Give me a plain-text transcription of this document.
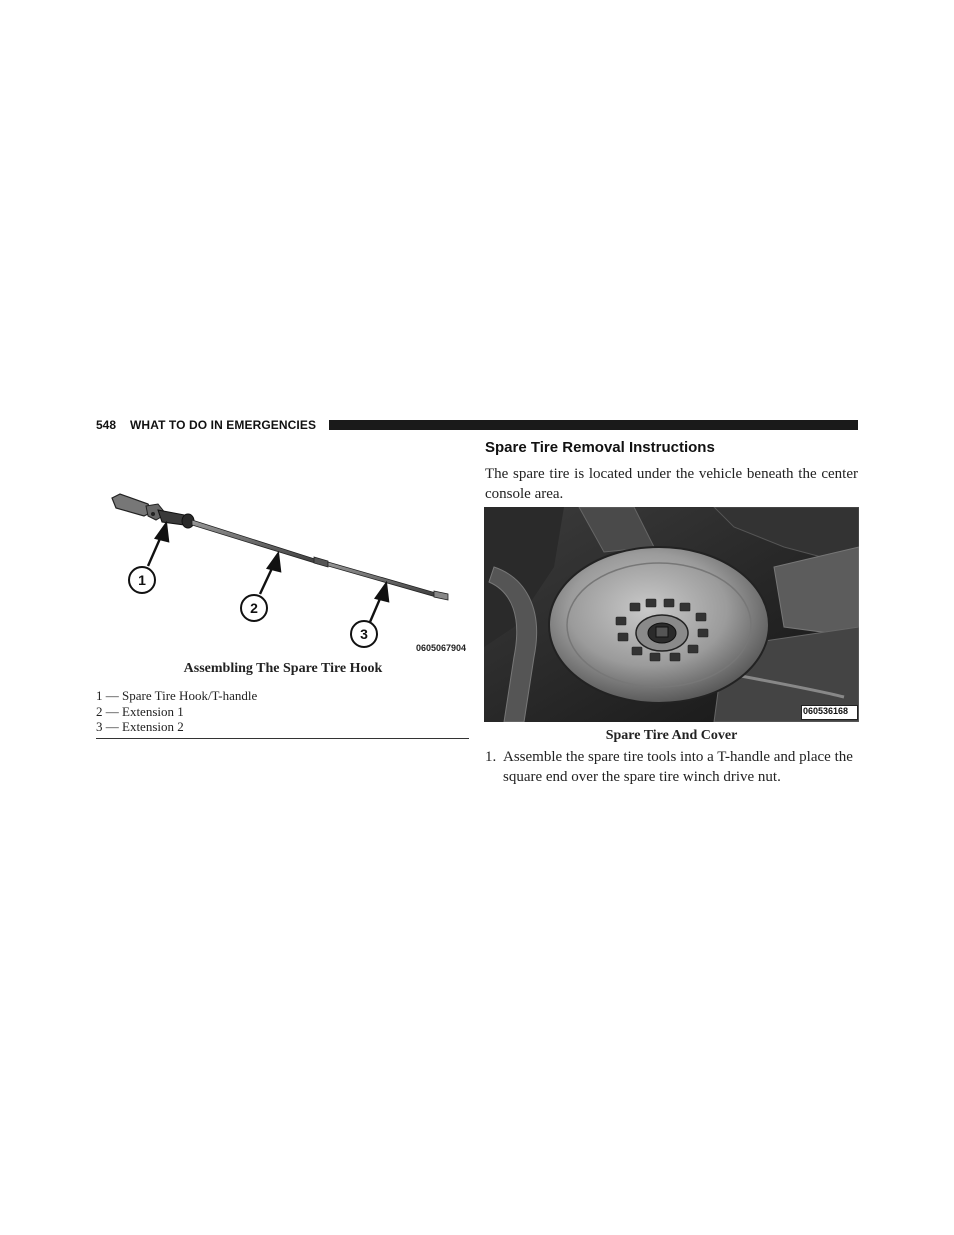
548 WHAT TO DO IN EMERGENCIES
1
2
3
0605067904
Assembling The Spare Tire Hook
1 — Spare Tire Hook/T-handle
2 — Extension 1
3 — Extension 2
Spare Tire Removal Instructions
The spare tire is located under the vehicle beneath the center console area.
060536168
Spare Tire And Cover
1. Assemble the spare tire tools into a T-handle and place the square end over the spare tire winch drive nut.
